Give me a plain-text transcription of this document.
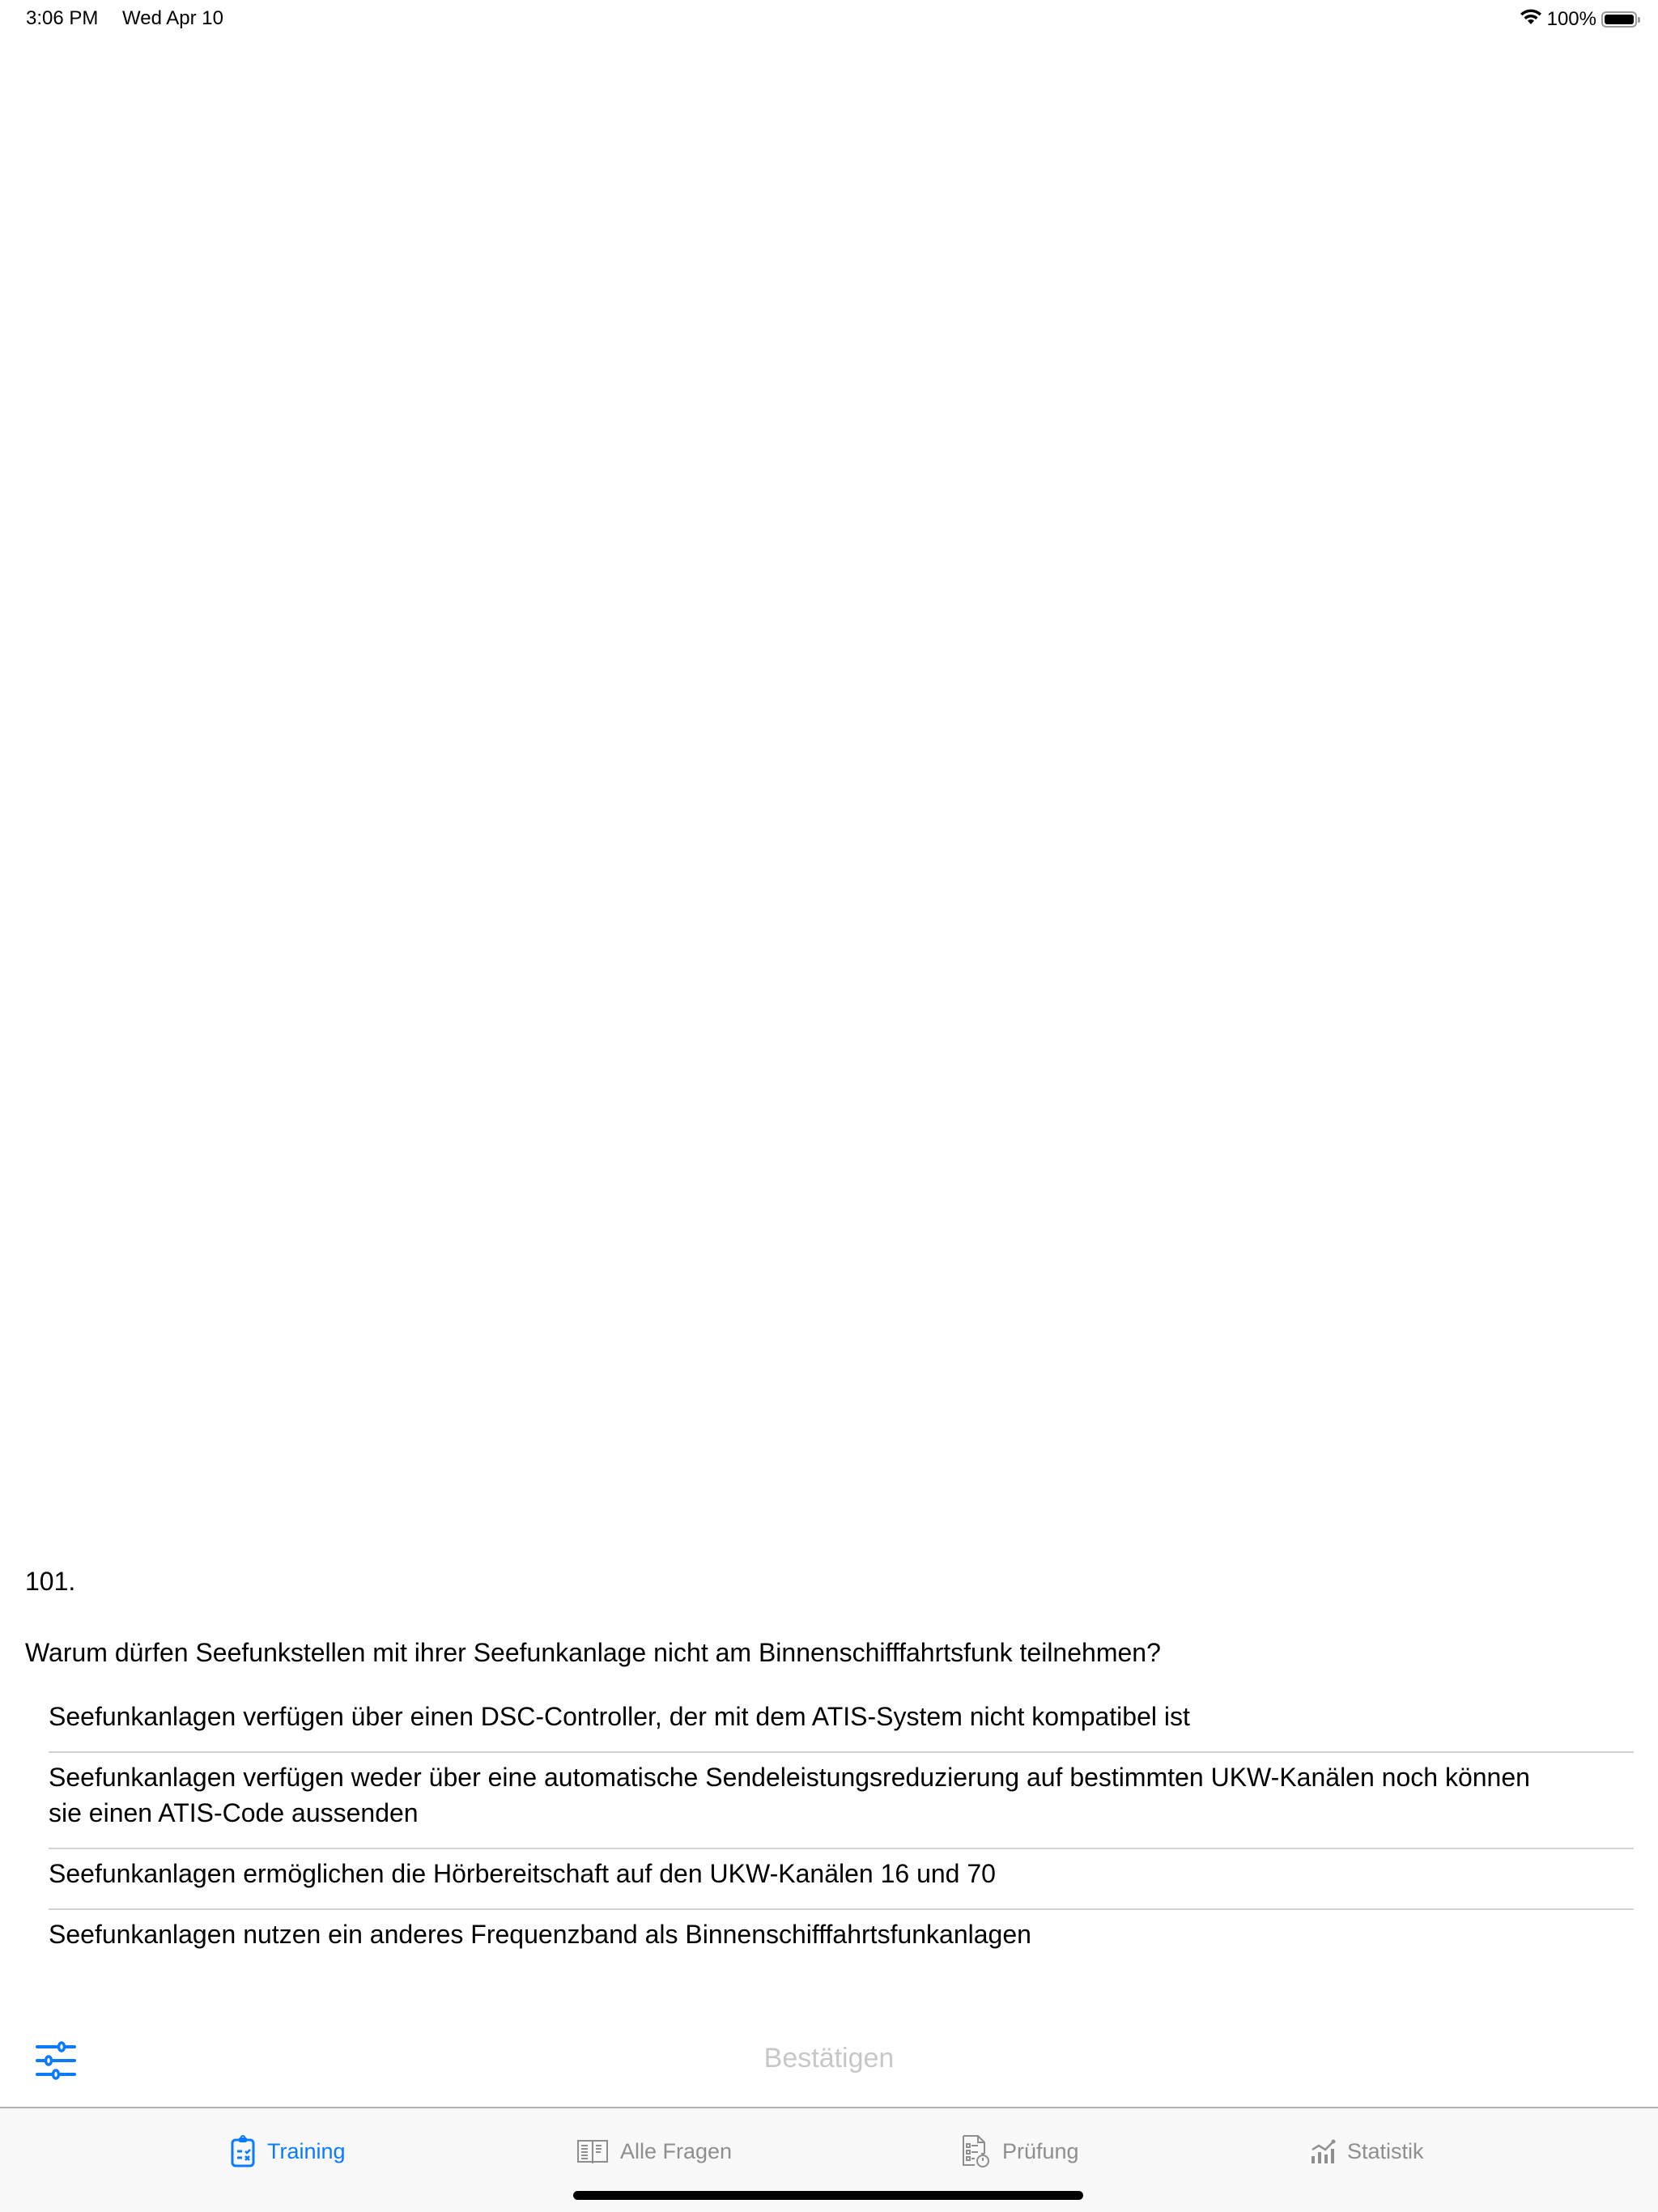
3:06 PM Wed Apr 10	100%
101.
Warum dürfen Seefunkstellen mit ihrer Seefunkanlage nicht am Binnenschifffahrtsfunk teilnehmen?
Seefunkanlagen verfügen über einen DSC-Controller, der mit dem ATIS-System nicht kompatibel ist
Seefunkanlagen verfügen weder über eine automatische Sendeleistungsreduzierung auf bestimmten UKW-Kanälen noch können sie einen ATIS-Code aussenden
Seefunkanlagen ermöglichen die Hörbereitschaft auf den UKW-Kanälen 16 und 70
Seefunkanlagen nutzen ein anderes Frequenzband als Binnenschifffahrtsfunkanlagen
Bestätigen
Training	Alle Fragen	Prüfung	Statistik
